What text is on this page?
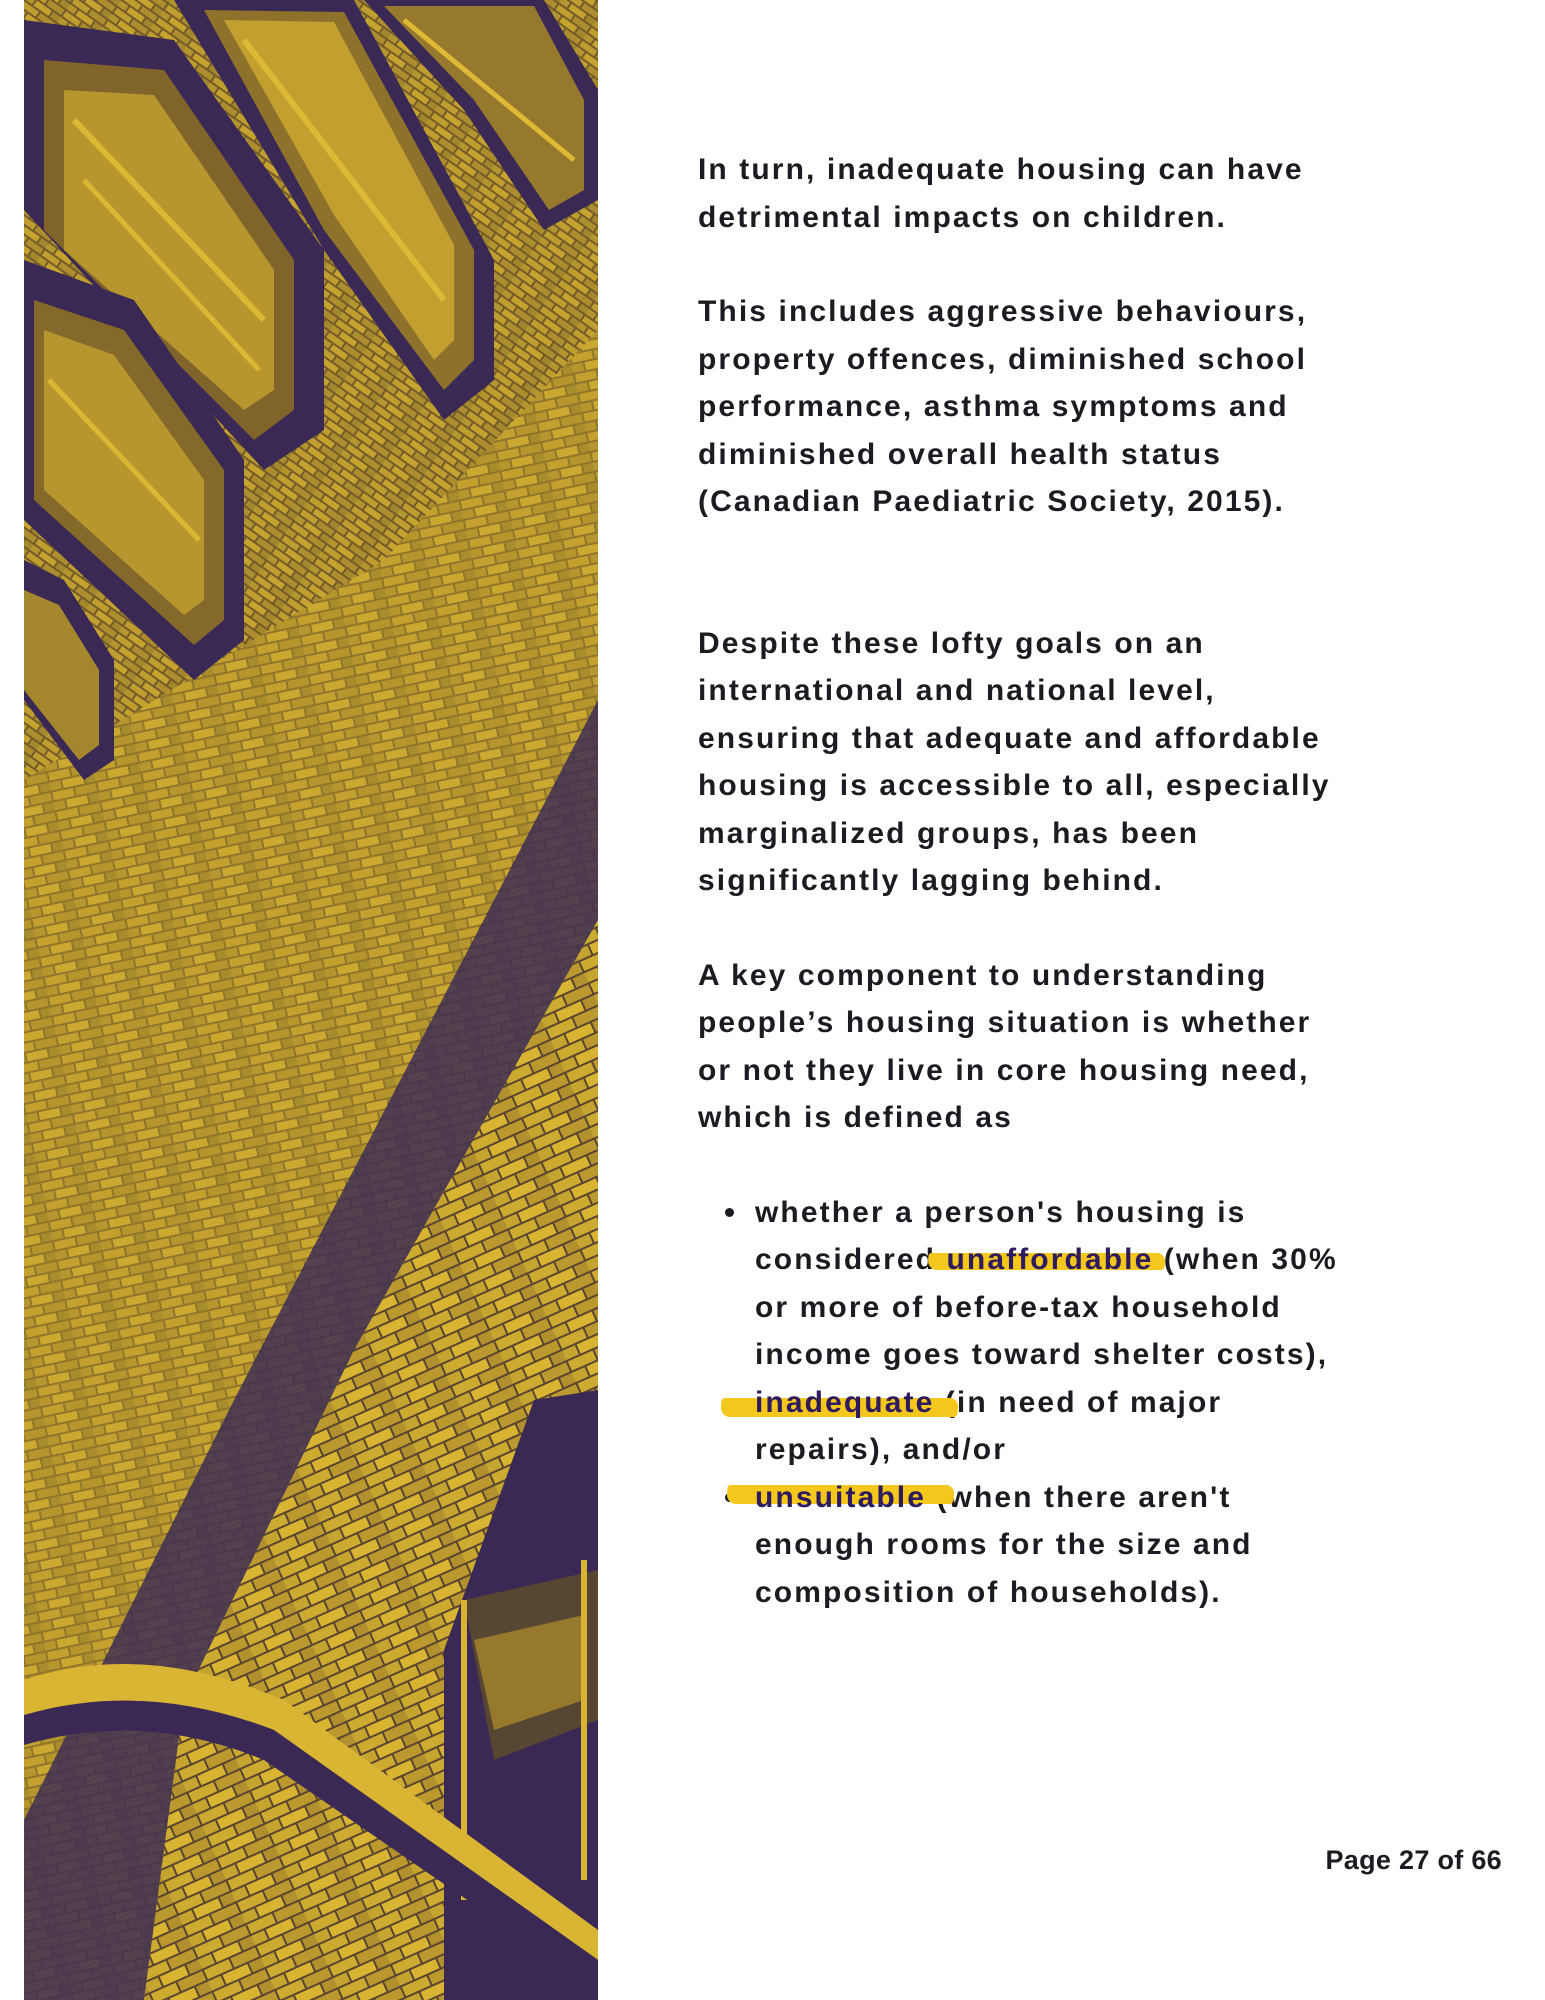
In turn, inadequate housing can have detrimental impacts on children.

This includes aggressive behaviours, property offences, diminished school performance, asthma symptoms and diminished overall health status (Canadian Paediatric Society, 2015).

Despite these lofty goals on an international and national level, ensuring that adequate and affordable housing is accessible to all, especially marginalized groups, has been significantly lagging behind.

A key component to understanding people’s housing situation is whether or not they live in core housing need, which is defined as

whether a person's housing is considered unaffordable (when 30% or more of before-tax household income goes toward shelter costs),
inadequate (in need of major repairs), and/or
unsuitable (when there aren't enough rooms for the size and composition of households).
Page 27 of 66
